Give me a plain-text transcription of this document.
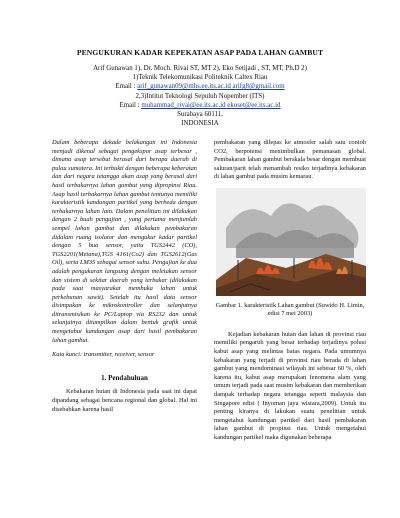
PENGUKURAN KADAR KEPEKATAN ASAP PADA LAHAN GAMBUT
Arif Gunawan 1), Dr. Moch. Rivai ST, MT 2), Eko Setijadi , ST, MT, Ph.D 2)
1)Teknik Telekomunikasi Politeknik Caltex Riau
Email : arif_gunawan09@mhs.ee.its.ac.id arifg8@gmail.com
2,3)Intitut Teknologi Sepuluh Nopember (ITS)
Email : muhammad_rivai@ee.its.ac.id ekoset@ee.its.ac.id
Surabaya 60111,
INDONESIA
Dalam beberapa dekade belakangan ini Indonesia menjadi dikenal sebagai pengekspor asap terbesar , dimana asap tersebut berasal dari berapa daerah di pulau sumatera. Ini terbukti dengan beberapa keberatan dan dari negara tetangga akan asap yang berasal dari hasil terbakarnya lahan gambut yang dipropinsi Riau. Asap hasil terbakarnya lahan gambut tentunya memiliki karakteristik kandungan partikel yang berbeda dengan terbakarnya lahan lain. Dalam penelitian ini dilakukan dengan 2 buah pengujian , yang pertama menjumlah sempel lahan gambut dan dilakukan pembakaran didalam ruang isolator dan mengukur kadar partikel dengan 5 bua sensor, yaitu TGS2442 (CO), TGS2201(Metana),TGS 4161(Co2) dan TGS2612(Gas Oil), serta LM35 sebagai sensor suhu. Pengujian ke dua adalah pengukuran langsung dengan meletakan sensor dan sistem di sekitar daerah yang terbakar (dilakukan pada saat masyarakat membuka lahan untuk perkebunan sawit). Setelah itu hasil data sensor disimpakan ke mikrokontroller dan selanjutnya ditransmisikan ke PC/Laptop via RS232 dan untuk selanjutnya ditampilkan dalam bentuk grafik untuk mengetahui kandungan asap dari hasil pembakaran lahan gambut.
Kata kunci: transmitter, receiver, sensor
1. Pendahuluan
Kebakaran hutan di Indonesia pada saat ini dapat dipandang sebagai bencana regional dan global. Hal ini disebabkan karena hasil
pembakaran yang dilepas ke atmosfer salah satu contoh CO2, berpotensi menimbulkan pemanasan global. Pembakaran lahan gambut berskala besar dengan membuat saluran/parit telah menambah resiko terjadinya kebakaran di lahan gambut pada musim kemarau.
Gambar 1. karakteristik Lahan gambut (Suwido H. Limin, edisi 7 mei 2003)
Kejadian kebakaran hutan dan lahan di provinsi riau memiliki pengaruh yang besar terhadap terjadinya polusi kabut asap yang melintas batas negara. Pada umumnya kebakaran yang terjadi di provinsi riau berada di lahan gambut yang mendominasi wilayah ini sebesar 60 %, oleh karena itu, kabut asap merupakan fenomena alam yang umum terjadi pada saat musim kebakaran dan memberikan dampak terhadap negara tetangga seperti malaysia dan Singapore edisi ( Inyoman jaya wistara,2009). Untuk itu penting kiranya di lakukan suatu penelitian untuk mengetahui kandungan partikel dari hasil pembakaran lahan gambut di propinsi riau. Untuk mengetahui kandungan partikel maka digunakan beberapa
